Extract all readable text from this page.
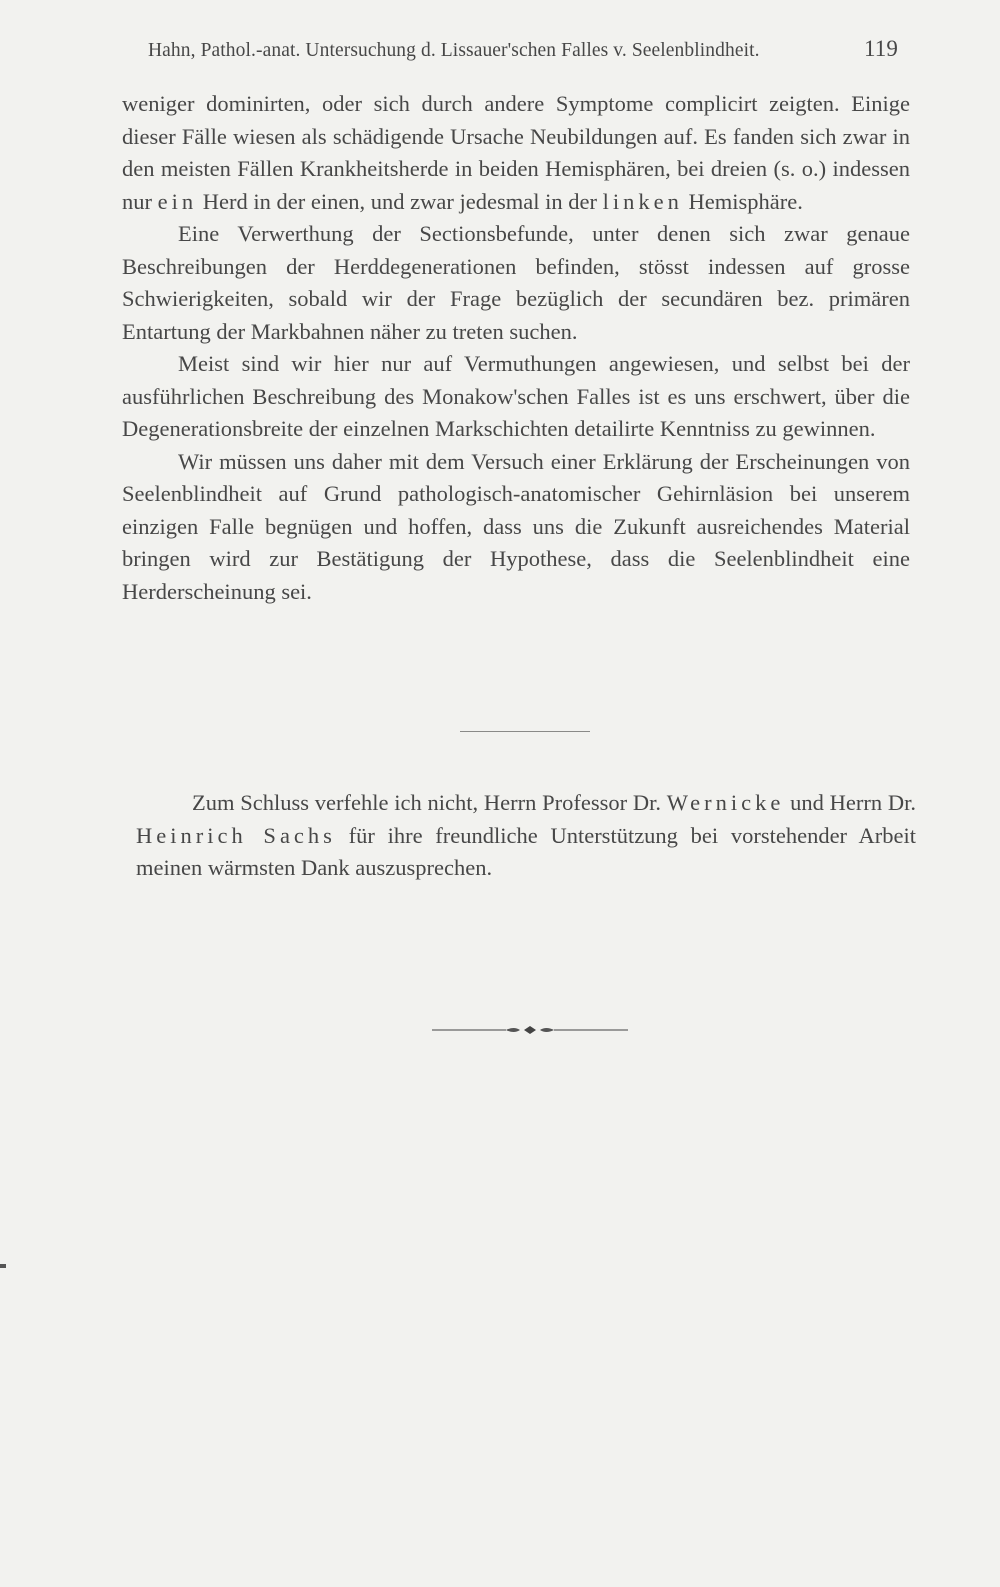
Hahn, Pathol.-anat. Untersuchung d. Lissauer'schen Falles v. Seelenblindheit.	119

weniger dominirten, oder sich durch andere Symptome complicirt zeigten. Einige dieser Fälle wiesen als schädigende Ursache Neubildungen auf. Es fanden sich zwar in den meisten Fällen Krankheitsherde in beiden Hemisphären, bei dreien (s. o.) indessen nur ein Herd in der einen, und zwar jedesmal in der linken Hemisphäre.

Eine Verwerthung der Sectionsbefunde, unter denen sich zwar genaue Beschreibungen der Herddegenerationen befinden, stösst indessen auf grosse Schwierigkeiten, sobald wir der Frage bezüglich der secundären bez. primären Entartung der Markbahnen näher zu treten suchen.

Meist sind wir hier nur auf Vermuthungen angewiesen, und selbst bei der ausführlichen Beschreibung des Monakow'schen Falles ist es uns erschwert, über die Degenerationsbreite der einzelnen Markschichten detailirte Kenntniss zu gewinnen.

Wir müssen uns daher mit dem Versuch einer Erklärung der Erscheinungen von Seelenblindheit auf Grund pathologisch-anatomischer Gehirnläsion bei unserem einzigen Falle begnügen und hoffen, dass uns die Zukunft ausreichendes Material bringen wird zur Bestätigung der Hypothese, dass die Seelenblindheit eine Herderscheinung sei.

Zum Schluss verfehle ich nicht, Herrn Professor Dr. Wernicke und Herrn Dr. Heinrich Sachs für ihre freundliche Unterstützung bei vorstehender Arbeit meinen wärmsten Dank auszusprechen.
